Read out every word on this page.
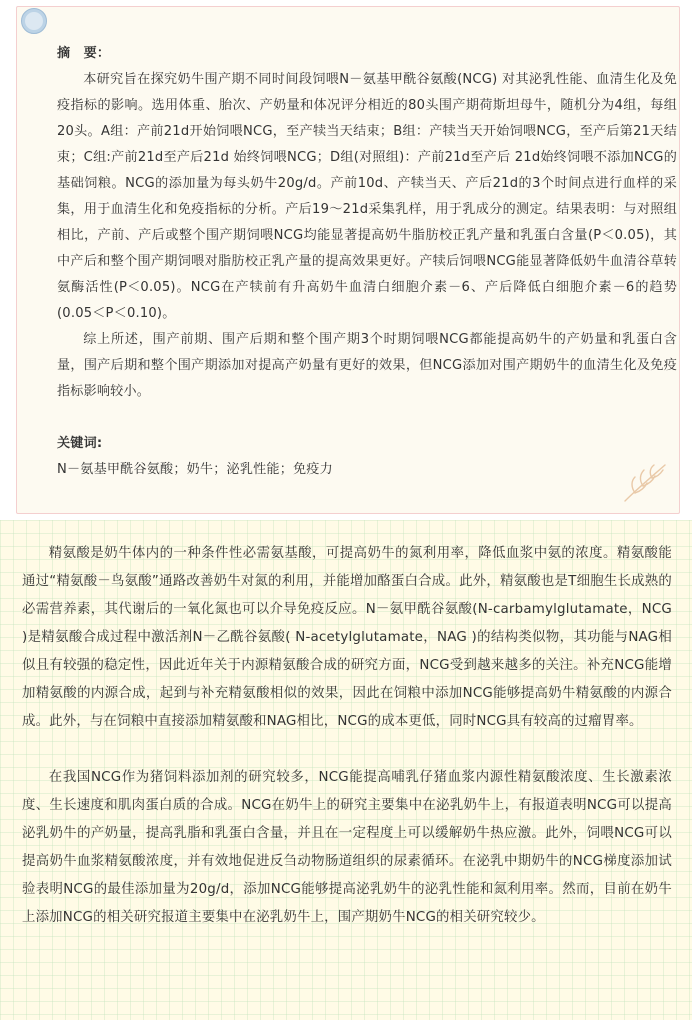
摘　要：

本研究旨在探究奶牛围产期不同时间段饲喂N－氨基甲酰谷氨酸(NCG) 对其泌乳性能、血清生化及免疫指标的影响。选用体重、胎次、产奶量和体况评分相近的80头围产期荷斯坦母牛，随机分为4组，每组20头。A组：产前21d开始饲喂NCG，至产犊当天结束；B组：产犊当天开始饲喂NCG，至产后第21天结束；C组:产前21d至产后21d 始终饲喂NCG；D组(对照组)：产前21d至产后 21d始终饲喂不添加NCG的基础饲粮。NCG的添加量为每头奶牛20g/d。产前10d、产犊当天、产后21d的3个时间点进行血样的采集，用于血清生化和免疫指标的分析。产后19～21d采集乳样，用于乳成分的测定。结果表明：与对照组相比，产前、产后或整个围产期饲喂NCG均能显著提高奶牛脂肪校正乳产量和乳蛋白含量(P＜0.05)，其中产后和整个围产期饲喂对脂肪校正乳产量的提高效果更好。产犊后饲喂NCG能显著降低奶牛血清谷草转氨酶活性(P＜0.05)。NCG在产犊前有升高奶牛血清白细胞介素－6、产后降低白细胞介素－6的趋势(0.05＜P＜0.10)。

综上所述，围产前期、围产后期和整个围产期3个时期饲喂NCG都能提高奶牛的产奶量和乳蛋白含量，围产后期和整个围产期添加对提高产奶量有更好的效果，但NCG添加对围产期奶牛的血清生化及免疫指标影响较小。

关键词:

N－氨基甲酰谷氨酸；奶牛；泌乳性能；免疫力

精氨酸是奶牛体内的一种条件性必需氨基酸，可提高奶牛的氮利用率，降低血浆中氨的浓度。精氨酸能通过“精氨酸－鸟氨酸”通路改善奶牛对氮的利用，并能增加酪蛋白合成。此外，精氨酸也是T细胞生长成熟的必需营养素，其代谢后的一氧化氮也可以介导免疫反应。N－氨甲酰谷氨酸(N-carbamylglutamate，NCG )是精氨酸合成过程中激活剂N－乙酰谷氨酸( N-acetylglutamate，NAG )的结构类似物，其功能与NAG相似且有较强的稳定性，因此近年关于内源精氨酸合成的研究方面，NCG受到越来越多的关注。补充NCG能增加精氨酸的内源合成，起到与补充精氨酸相似的效果，因此在饲粮中添加NCG能够提高奶牛精氨酸的内源合成。此外，与在饲粮中直接添加精氨酸和NAG相比，NCG的成本更低，同时NCG具有较高的过瘤胃率。

在我国NCG作为猪饲料添加剂的研究较多，NCG能提高哺乳仔猪血浆内源性精氨酸浓度、生长激素浓度、生长速度和肌肉蛋白质的合成。NCG在奶牛上的研究主要集中在泌乳奶牛上，有报道表明NCG可以提高泌乳奶牛的产奶量，提高乳脂和乳蛋白含量，并且在一定程度上可以缓解奶牛热应激。此外，饲喂NCG可以提高奶牛血浆精氨酸浓度，并有效地促进反刍动物肠道组织的尿素循环。在泌乳中期奶牛的NCG梯度添加试验表明NCG的最佳添加量为20g/d，添加NCG能够提高泌乳奶牛的泌乳性能和氮利用率。然而，目前在奶牛上添加NCG的相关研究报道主要集中在泌乳奶牛上，围产期奶牛NCG的相关研究较少。
